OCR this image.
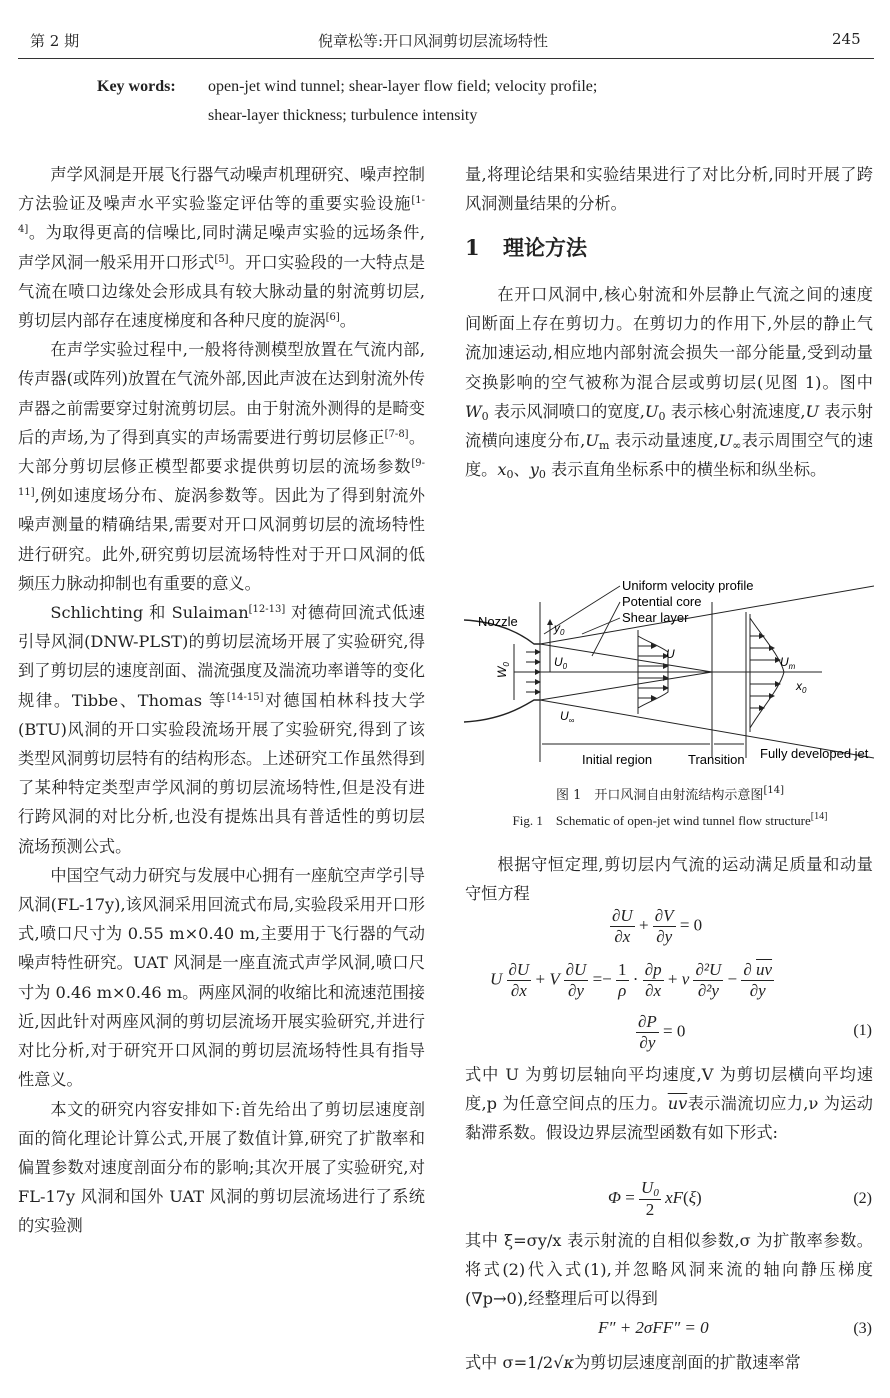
第 2 期	倪章松等:开口风洞剪切层流场特性	245
Key words: open-jet wind tunnel; shear-layer flow field; velocity profile;
shear-layer thickness; turbulence intensity

声学风洞是开展飞行器气动噪声机理研究、噪声控制方法验证及噪声水平实验鉴定评估等的重要实验设施[1-4]。为取得更高的信噪比,同时满足噪声实验的远场条件,声学风洞一般采用开口形式[5]。开口实验段的一大特点是气流在喷口边缘处会形成具有较大脉动量的射流剪切层,剪切层内部存在速度梯度和各种尺度的旋涡[6]。

在声学实验过程中,一般将待测模型放置在气流内部,传声器(或阵列)放置在气流外部,因此声波在达到射流外传声器之前需要穿过射流剪切层。由于射流外测得的是畸变后的声场,为了得到真实的声场需要进行剪切层修正[7-8]。大部分剪切层修正模型都要求提供剪切层的流场参数[9-11],例如速度场分布、旋涡参数等。因此为了得到射流外噪声测量的精确结果,需要对开口风洞剪切层的流场特性进行研究。此外,研究剪切层流场特性对于开口风洞的低频压力脉动抑制也有重要的意义。

Schlichting 和 Sulaiman[12-13] 对德荷回流式低速引导风洞(DNW-PLST)的剪切层流场开展了实验研究,得到了剪切层的速度剖面、湍流强度及湍流功率谱等的变化规律。Tibbe、Thomas 等[14-15]对德国柏林科技大学(BTU)风洞的开口实验段流场开展了实验研究,得到了该类型风洞剪切层特有的结构形态。上述研究工作虽然得到了某种特定类型声学风洞的剪切层流场特性,但是没有进行跨风洞的对比分析,也没有提炼出具有普适性的剪切层流场预测公式。

中国空气动力研究与发展中心拥有一座航空声学引导风洞(FL-17y),该风洞采用回流式布局,实验段采用开口形式,喷口尺寸为 0.55 m×0.40 m,主要用于飞行器的气动噪声特性研究。UAT 风洞是一座直流式声学风洞,喷口尺寸为 0.46 m×0.46 m。两座风洞的收缩比和流速范围接近,因此针对两座风洞的剪切层流场开展实验研究,并进行对比分析,对于研究开口风洞的剪切层流场特性具有指导性意义。

本文的研究内容安排如下:首先给出了剪切层速度剖面的简化理论计算公式,开展了数值计算,研究了扩散率和偏置参数对速度剖面分布的影响;其次开展了实验研究,对 FL-17y 风洞和国外 UAT 风洞的剪切层流场进行了系统的实验测

量,将理论结果和实验结果进行了对比分析,同时开展了跨风洞测量结果的分析。

1 理论方法

在开口风洞中,核心射流和外层静止气流之间的速度间断面上存在剪切力。在剪切力的作用下,外层的静止气流加速运动,相应地内部射流会损失一部分能量,受到动量交换影响的空气被称为混合层或剪切层(见图 1)。图中 $W_0$ 表示风洞喷口的宽度$,U_0$ 表示核心射流速度,U 表示射流横向速度分布$,U_m$ 表示动量速度$,U_\infty$表示周围空气的速度。$x_0$、$y_0$ 表示直角坐标系中的横坐标和纵坐标。

Uniform velocity profile
Potential core
Shear layer
Nozzle
Initial region	Transition Fully developed jet
$W_0$
$y_0$
$U_0$
U
$U_m$
$x_0$
$U_\infty$
图 1　开口风洞自由射流结构示意图[14]
Fig. 1　Schematic of open-jet wind tunnel flow structure[14]

根据守恒定理,剪切层内气流的运动满足质量和动量守恒方程

$\frac{\partial U}{\partial x} + \frac{\partial V}{\partial y} = 0$
U $\frac{\partial U}{\partial x} + V \frac{\partial U}{\partial y} =- \frac{1}{\rho} \cdot \frac{\partial p}{\partial x} + \nu \frac{\text{∂²U}}{\text{∂²y}} - \frac{\partial \overline{uv}}{\partial y}$
$\frac{\partial P}{\partial y} = 0$	(1)

式中 U 为剪切层轴向平均速度,V 为剪切层横向平均速度,p 为任意空间点的压力。$\overline{uv}$表示湍流切应力,ν 为运动黏滞系数。假设边界层流型函数有如下形式:

$\Phi = \frac{U0}{2} xF(\xi)$	(2)

其中 ξ=σy/x 表示射流的自相似参数,σ 为扩散率参数。将式(2)代入式(1),并忽略风洞来流的轴向静压梯度(∇p→0),经整理后可以得到

F″ + 2σFF″ = 0	(3)

式中 σ=1/2√κ为剪切层速度剖面的扩散速率常
